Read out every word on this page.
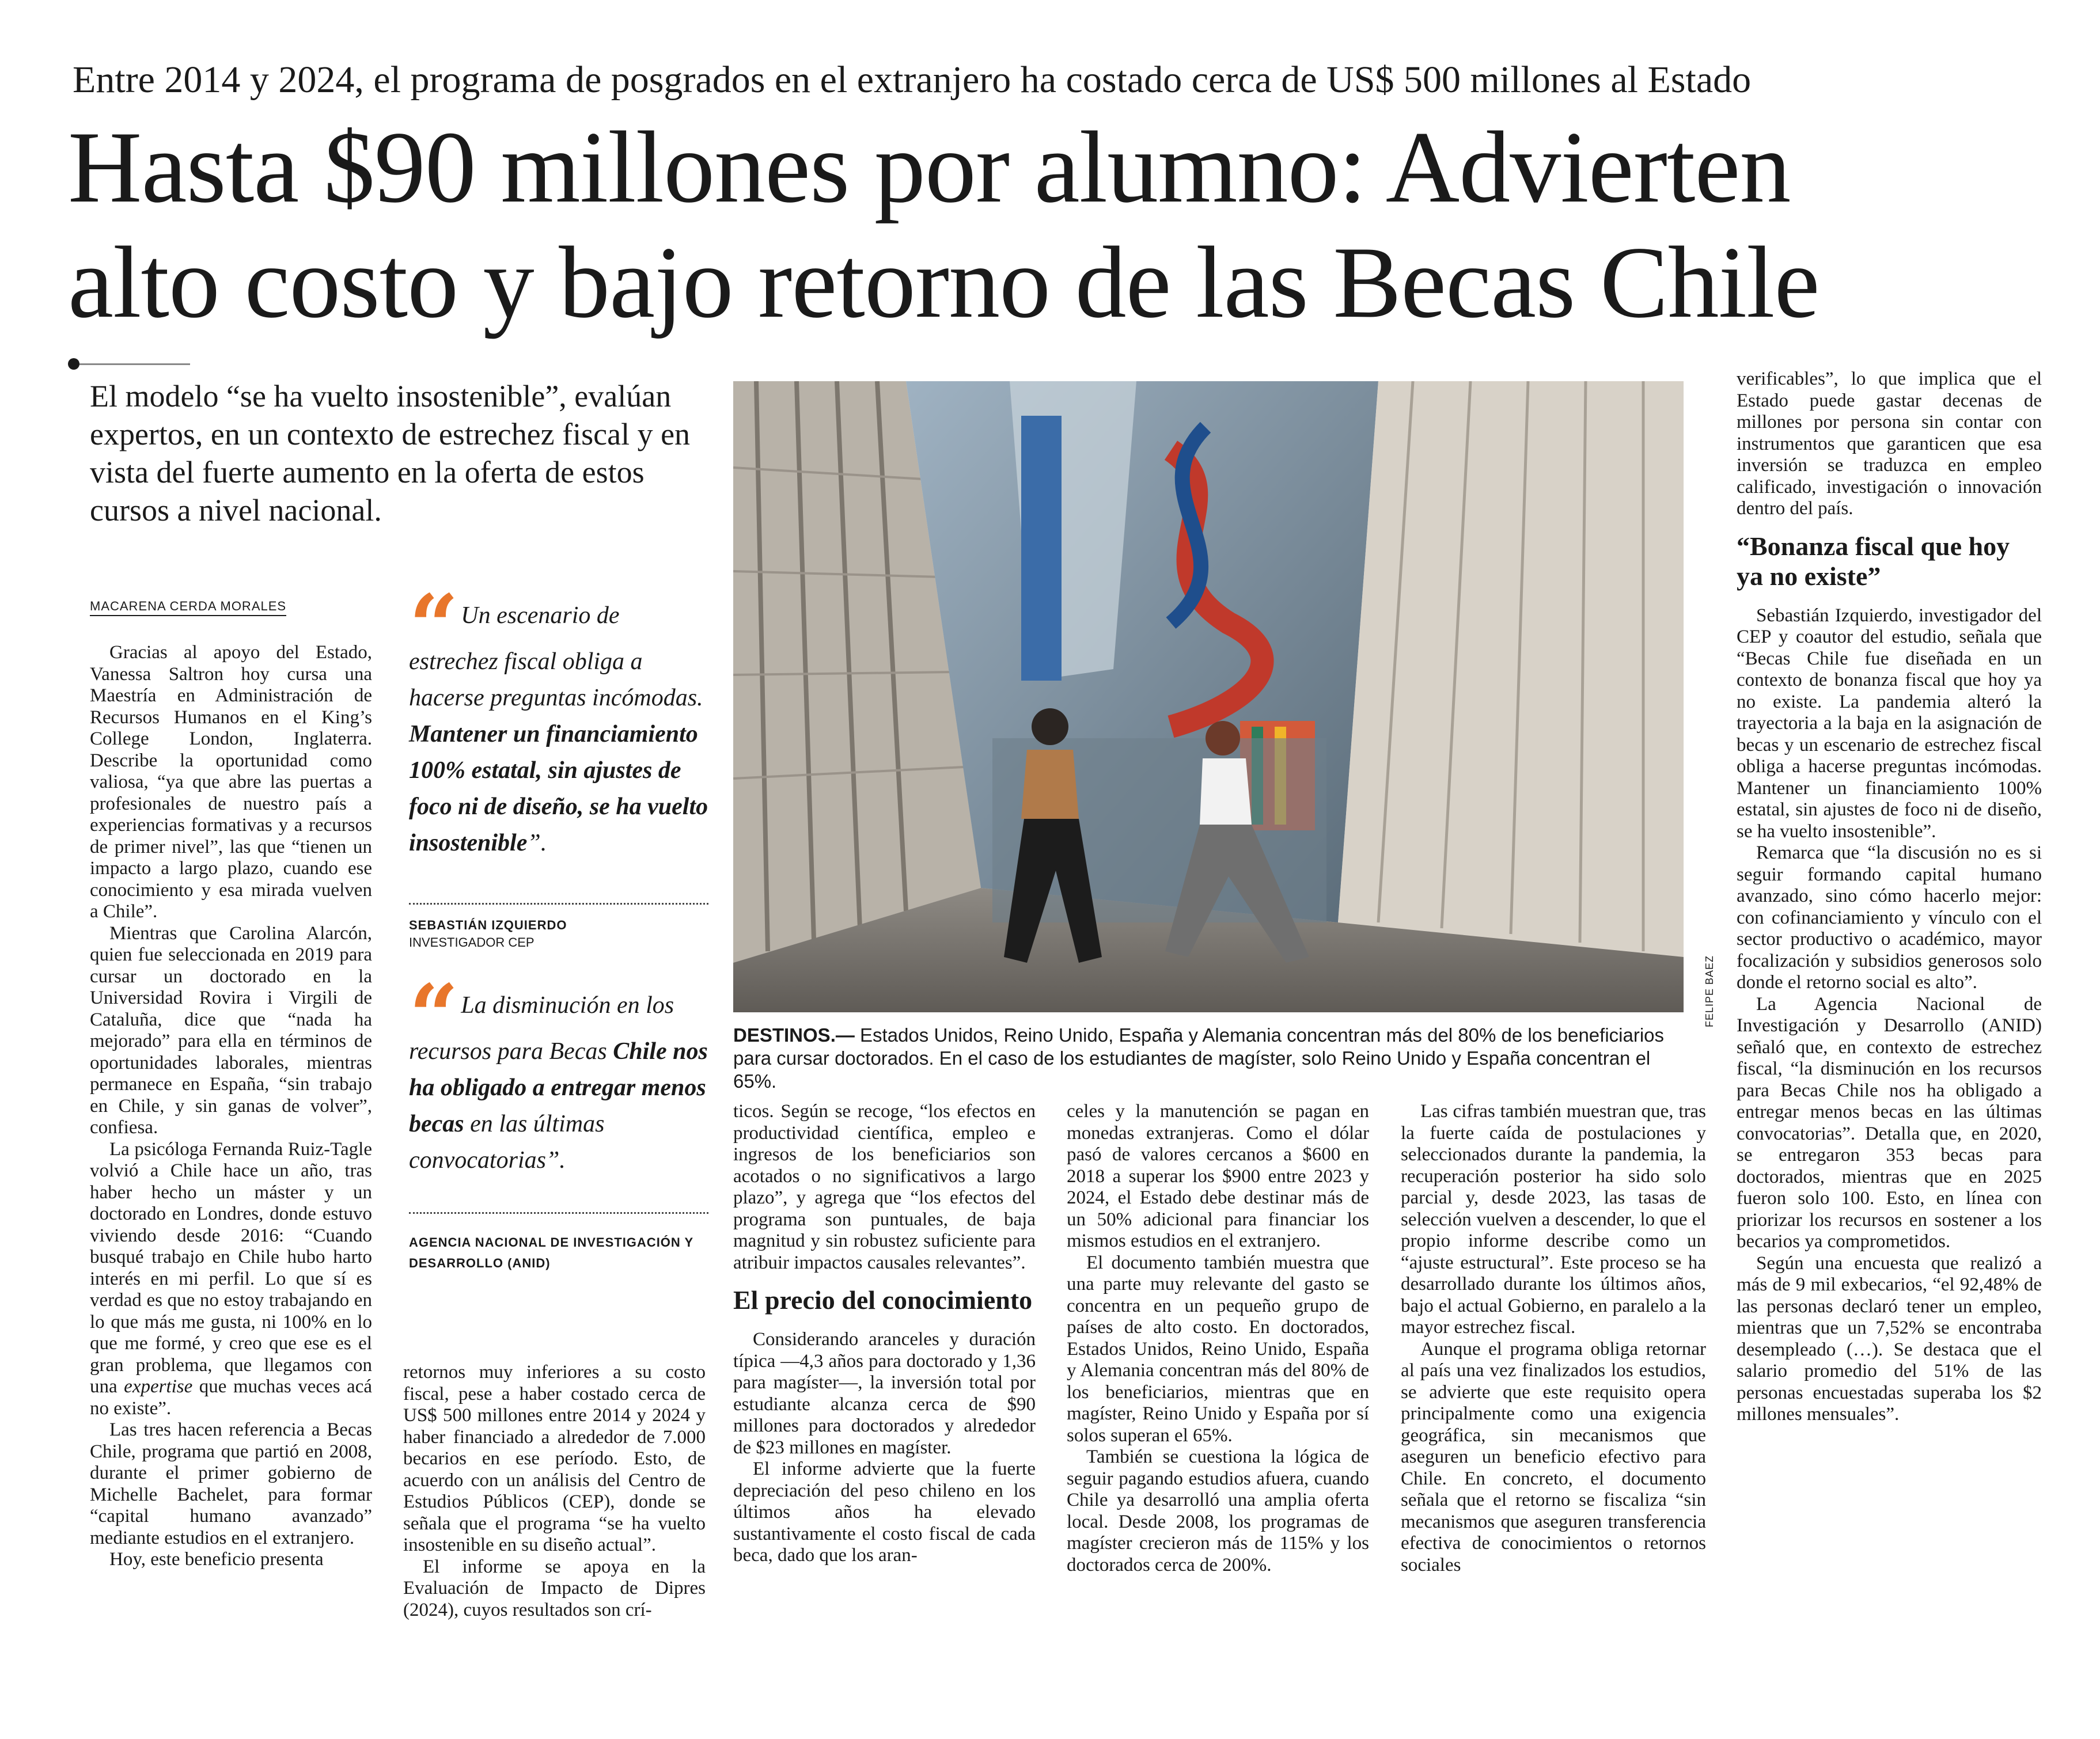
Entre 2014 y 2024, el programa de posgrados en el extranjero ha costado cerca de US$ 500 millones al Estado
Hasta $90 millones por alumno: Advierten
alto costo y bajo retorno de las Becas Chile
El modelo “se ha vuelto insostenible”, evalúan expertos, en un contexto de estrechez fiscal y en vista del fuerte aumento en la oferta de estos cursos a nivel nacional.
MACARENA CERDA MORALES

Gracias al apoyo del Estado, Vanessa Saltron hoy cursa una Maestría en Administración de Recursos Humanos en el King’s College London, Inglaterra. Describe la oportunidad como valiosa, “ya que abre las puertas a profesionales de nuestro país a experiencias formativas y a recursos de primer nivel”, las que “tienen un impacto a largo plazo, cuando ese conocimiento y esa mirada vuelven a Chile”.

Mientras que Carolina Alarcón, quien fue seleccionada en 2019 para cursar un doctorado en la Universidad Rovira i Virgili de Cataluña, dice que “nada ha mejorado” para ella en términos de oportunidades laborales, mientras permanece en España, “sin trabajo en Chile, y sin ganas de volver”, confiesa.

La psicóloga Fernanda Ruiz-Tagle volvió a Chile hace un año, tras haber hecho un máster y un doctorado en Londres, donde estuvo viviendo desde 2016: “Cuando busqué trabajo en Chile hubo harto interés en mi perfil. Lo que sí es verdad es que no estoy trabajando en lo que más me gusta, ni 100% en lo que me formé, y creo que ese es el gran problema, que llegamos con una expertise que muchas veces acá no existe”.

Las tres hacen referencia a Becas Chile, programa que partió en 2008, durante el primer gobierno de Michelle Bachelet, para formar “capital humano avanzado” mediante estudios en el extranjero.

Hoy, este beneficio presenta

“ Un escenario de estrechez fiscal obliga a hacerse preguntas incómodas. Mantener un financiamiento 100% estatal, sin ajustes de foco ni de diseño, se ha vuelto insostenible”.
SEBASTIÁN IZQUIERDO
INVESTIGADOR CEP
“ La disminución en los recursos para Becas Chile nos ha obligado a entregar menos becas en las últimas convocatorias”.
AGENCIA NACIONAL DE INVESTIGACIÓN Y DESARROLLO (ANID)

retornos muy inferiores a su costo fiscal, pese a haber costado cerca de US$ 500 millones entre 2014 y 2024 y haber financiado a alrededor de 7.000 becarios en ese período. Esto, de acuerdo con un análisis del Centro de Estudios Públicos (CEP), donde se señala que el programa “se ha vuelto insostenible en su diseño actual”.

El informe se apoya en la Evaluación de Impacto de Dipres (2024), cuyos resultados son crí-

FELIPE BAEZ
DESTINOS.— Estados Unidos, Reino Unido, España y Alemania concentran más del 80% de los beneficiarios para cursar doctorados. En el caso de los estudiantes de magíster, solo Reino Unido y España concentran el 65%.

ticos. Según se recoge, “los efectos en productividad científica, empleo e ingresos de los beneficiarios son acotados o no significativos a largo plazo”, y agrega que “los efectos del programa son puntuales, de baja magnitud y sin robustez suficiente para atribuir impactos causales relevantes”.

El precio del conocimiento

Considerando aranceles y duración típica —4,3 años para doctorado y 1,36 para magíster—, la inversión total por estudiante alcanza cerca de $90 millones para doctorados y alrededor de $23 millones en magíster.

El informe advierte que la fuerte depreciación del peso chileno en los últimos años ha elevado sustantivamente el costo fiscal de cada beca, dado que los aran-

celes y la manutención se pagan en monedas extranjeras. Como el dólar pasó de valores cercanos a $600 en 2018 a superar los $900 entre 2023 y 2024, el Estado debe destinar más de un 50% adicional para financiar los mismos estudios en el extranjero.

El documento también muestra que una parte muy relevante del gasto se concentra en un pequeño grupo de países de alto costo. En doctorados, Estados Unidos, Reino Unido, España y Alemania concentran más del 80% de los beneficiarios, mientras que en magíster, Reino Unido y España por sí solos superan el 65%.

También se cuestiona la lógica de seguir pagando estudios afuera, cuando Chile ya desarrolló una amplia oferta local. Desde 2008, los programas de magíster crecieron más de 115% y los doctorados cerca de 200%.

Las cifras también muestran que, tras la fuerte caída de postulaciones y seleccionados durante la pandemia, la recuperación posterior ha sido solo parcial y, desde 2023, las tasas de selección vuelven a descender, lo que el propio informe describe como un “ajuste estructural”. Este proceso se ha desarrollado durante los últimos años, bajo el actual Gobierno, en paralelo a la mayor estrechez fiscal.

Aunque el programa obliga retornar al país una vez finalizados los estudios, se advierte que este requisito opera principalmente como una exigencia geográfica, sin mecanismos que aseguren un beneficio efectivo para Chile. En concreto, el documento señala que el retorno se fiscaliza “sin mecanismos que aseguren transferencia efectiva de conocimientos o retornos sociales

verificables”, lo que implica que el Estado puede gastar decenas de millones por persona sin contar con instrumentos que garanticen que esa inversión se traduzca en empleo calificado, investigación o innovación dentro del país.

“Bonanza fiscal que hoy ya no existe”

Sebastián Izquierdo, investigador del CEP y coautor del estudio, señala que “Becas Chile fue diseñada en un contexto de bonanza fiscal que hoy ya no existe. La pandemia alteró la trayectoria a la baja en la asignación de becas y un escenario de estrechez fiscal obliga a hacerse preguntas incómodas. Mantener un financiamiento 100% estatal, sin ajustes de foco ni de diseño, se ha vuelto insostenible”.

Remarca que “la discusión no es si seguir formando capital humano avanzado, sino cómo hacerlo mejor: con cofinanciamiento y vínculo con el sector productivo o académico, mayor focalización y subsidios generosos solo donde el retorno social es alto”.

La Agencia Nacional de Investigación y Desarrollo (ANID) señaló que, en contexto de estrechez fiscal, “la disminución en los recursos para Becas Chile nos ha obligado a entregar menos becas en las últimas convocatorias”. Detalla que, en 2020, se entregaron 353 becas para doctorados, mientras que en 2025 fueron solo 100. Esto, en línea con priorizar los recursos en sostener a los becarios ya comprometidos.

Según una encuesta que realizó a más de 9 mil exbecarios, “el 92,48% de las personas declaró tener un empleo, mientras que un 7,52% se encontraba desempleado (…). Se destaca que el salario promedio del 51% de las personas encuestadas superaba los $2 millones mensuales”.
